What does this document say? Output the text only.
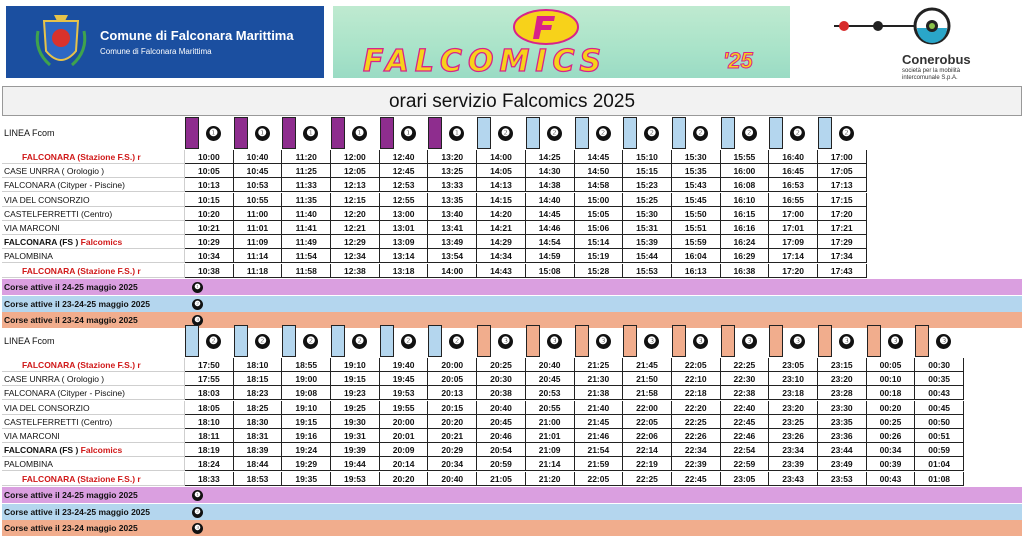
Comune di Falconara Marittima
Comune di Falconara Marittima	FALCOMICS	'25	Conerobus
società per la mobilità intercomunale S.p.A.
orari servizio Falcomics 2025
LINEA Fcom	❶	❶	❶	❶	❶	❶	❷	❷	❷	❷	❷	❷	❷	❷
FALCONARA (Stazione F.S.) r	10:00	10:40	11:20	12:00	12:40	13:20	14:00	14:25	14:45	15:10	15:30	15:55	16:40	17:00
CASE UNRRA ( Orologio )	10:05	10:45	11:25	12:05	12:45	13:25	14:05	14:30	14:50	15:15	15:35	16:00	16:45	17:05
FALCONARA (Cityper - Piscine)	10:13	10:53	11:33	12:13	12:53	13:33	14:13	14:38	14:58	15:23	15:43	16:08	16:53	17:13
VIA DEL CONSORZIO	10:15	10:55	11:35	12:15	12:55	13:35	14:15	14:40	15:00	15:25	15:45	16:10	16:55	17:15
CASTELFERRETTI (Centro)	10:20	11:00	11:40	12:20	13:00	13:40	14:20	14:45	15:05	15:30	15:50	16:15	17:00	17:20
VIA MARCONI	10:21	11:01	11:41	12:21	13:01	13:41	14:21	14:46	15:06	15:31	15:51	16:16	17:01	17:21
FALCONARA (FS ) Falcomics	10:29	11:09	11:49	12:29	13:09	13:49	14:29	14:54	15:14	15:39	15:59	16:24	17:09	17:29
PALOMBINA	10:34	11:14	11:54	12:34	13:14	13:54	14:34	14:59	15:19	15:44	16:04	16:29	17:14	17:34
FALCONARA (Stazione F.S.) r	10:38	11:18	11:58	12:38	13:18	14:00	14:43	15:08	15:28	15:53	16:13	16:38	17:20	17:43
Corse attive il 24-25 maggio 2025	❶
Corse attive il 23-24-25 maggio 2025	❷
Corse attive il 23-24 maggio 2025	❸
LINEA Fcom	❷	❷	❷	❷	❷	❷	❸	❸	❸	❸	❸	❸	❸	❸	❸	❸
FALCONARA (Stazione F.S.) r	17:50	18:10	18:55	19:10	19:40	20:00	20:25	20:40	21:25	21:45	22:05	22:25	23:05	23:15	00:05	00:30
CASE UNRRA ( Orologio )	17:55	18:15	19:00	19:15	19:45	20:05	20:30	20:45	21:30	21:50	22:10	22:30	23:10	23:20	00:10	00:35
FALCONARA (Cityper - Piscine)	18:03	18:23	19:08	19:23	19:53	20:13	20:38	20:53	21:38	21:58	22:18	22:38	23:18	23:28	00:18	00:43
VIA DEL CONSORZIO	18:05	18:25	19:10	19:25	19:55	20:15	20:40	20:55	21:40	22:00	22:20	22:40	23:20	23:30	00:20	00:45
CASTELFERRETTI (Centro)	18:10	18:30	19:15	19:30	20:00	20:20	20:45	21:00	21:45	22:05	22:25	22:45	23:25	23:35	00:25	00:50
VIA MARCONI	18:11	18:31	19:16	19:31	20:01	20:21	20:46	21:01	21:46	22:06	22:26	22:46	23:26	23:36	00:26	00:51
FALCONARA (FS ) Falcomics	18:19	18:39	19:24	19:39	20:09	20:29	20:54	21:09	21:54	22:14	22:34	22:54	23:34	23:44	00:34	00:59
PALOMBINA	18:24	18:44	19:29	19:44	20:14	20:34	20:59	21:14	21:59	22:19	22:39	22:59	23:39	23:49	00:39	01:04
FALCONARA (Stazione F.S.) r	18:33	18:53	19:35	19:53	20:20	20:40	21:05	21:20	22:05	22:25	22:45	23:05	23:43	23:53	00:43	01:08
Corse attive il 24-25 maggio 2025	❶
Corse attive il 23-24-25 maggio 2025	❷
Corse attive il 23-24 maggio 2025	❸
